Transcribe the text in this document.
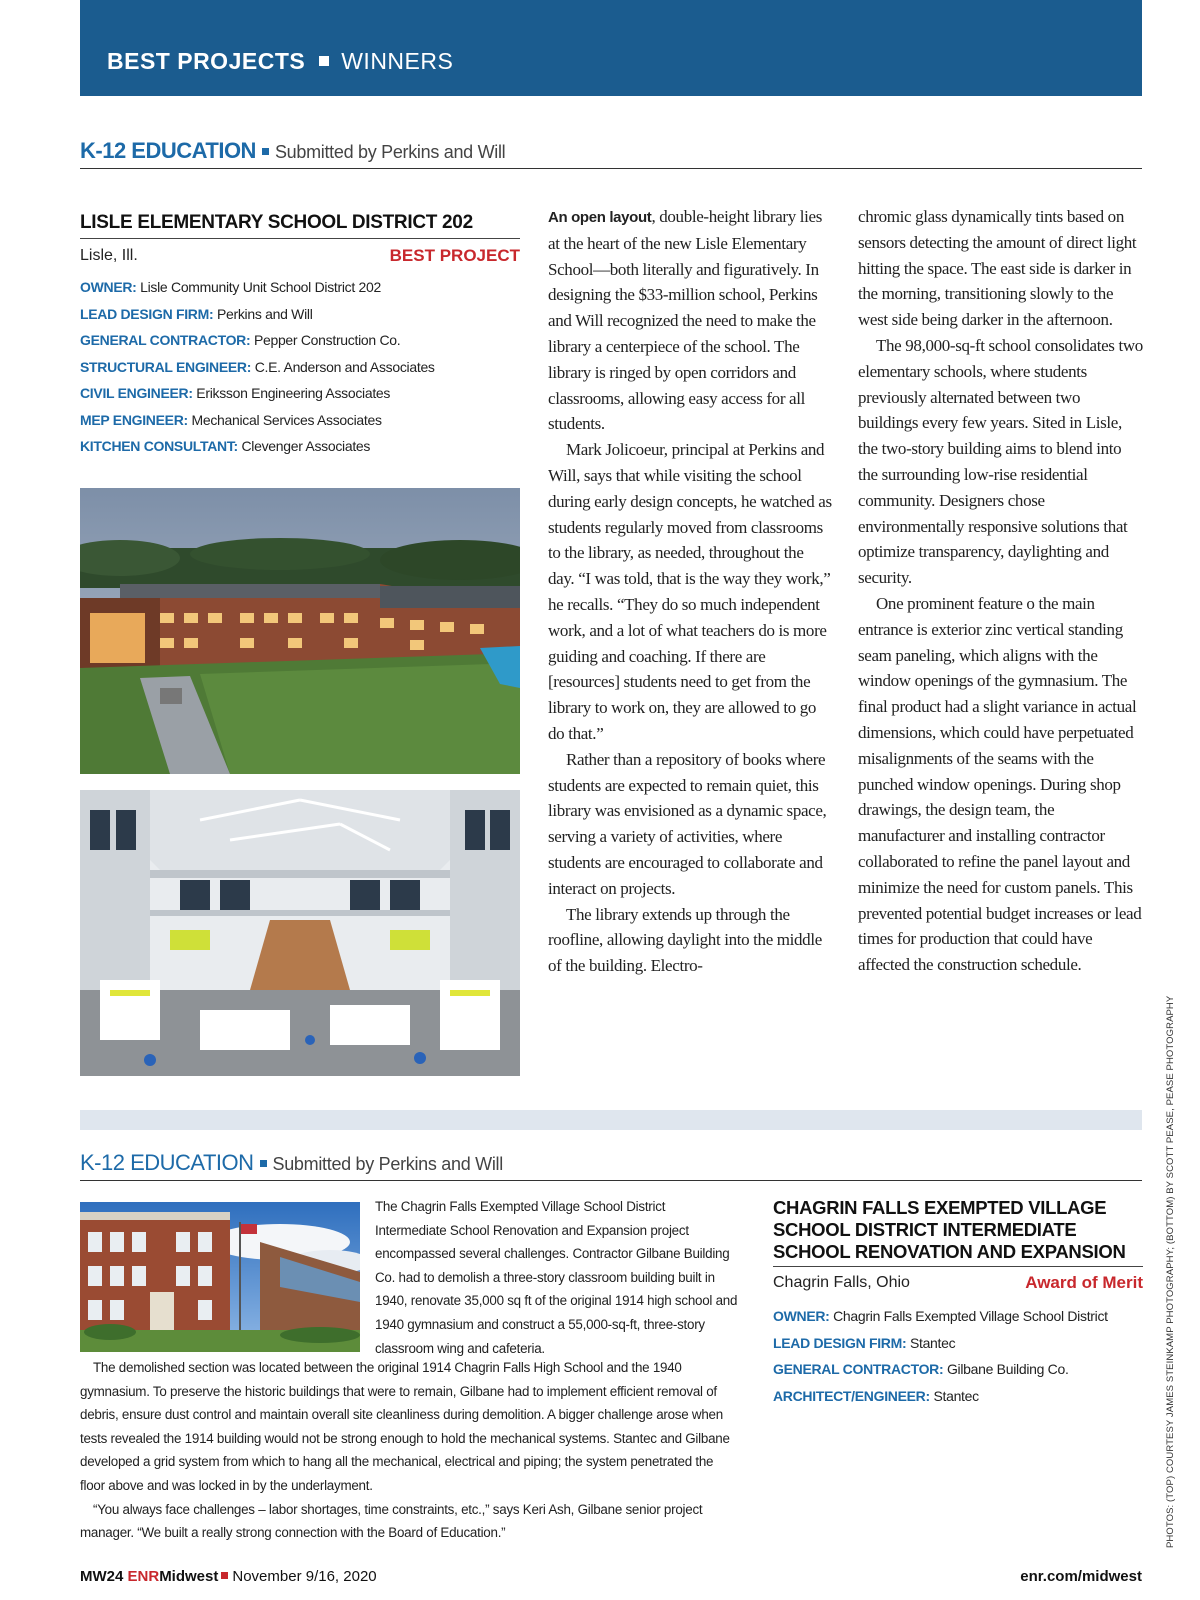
BEST PROJECTS WINNERS
K-12 EDUCATION Submitted by Perkins and Will
LISLE ELEMENTARY SCHOOL DISTRICT 202
Lisle, Ill.	BEST PROJECT
OWNER: Lisle Community Unit School District 202
LEAD DESIGN FIRM: Perkins and Will
GENERAL CONTRACTOR: Pepper Construction Co.
STRUCTURAL ENGINEER: C.E. Anderson and Associates
CIVIL ENGINEER: Eriksson Engineering Associates
MEP ENGINEER: Mechanical Services Associates
KITCHEN CONSULTANT: Clevenger Associates

An open layout, double-height library lies at the heart of the new Lisle Elementary School—both literally and figuratively. In designing the $33-million school, Perkins and Will recognized the need to make the library a centerpiece of the school. The library is ringed by open corridors and classrooms, allowing easy access for all students.

Mark Jolicoeur, principal at Perkins and Will, says that while visiting the school during early design concepts, he watched as students regularly moved from classrooms to the library, as needed, throughout the day. “I was told, that is the way they work,” he recalls. “They do so much independent work, and a lot of what teachers do is more guiding and coaching. If there are [resources] students need to get from the library to work on, they are allowed to go do that.”

Rather than a repository of books where students are expected to remain quiet, this library was envisioned as a dynamic space, serving a variety of activities, where students are encouraged to collaborate and interact on projects.

The library extends up through the roofline, allowing daylight into the middle of the building. Electro-

chromic glass dynamically tints based on sensors detecting the amount of direct light hitting the space. The east side is darker in the morning, transitioning slowly to the west side being darker in the afternoon.

The 98,000-sq-ft school consolidates two elementary schools, where students previously alternated between two buildings every few years. Sited in Lisle, the two-story building aims to blend into the surrounding low-rise residential community. Designers chose environmentally responsive solutions that optimize transparency, daylighting and security.

One prominent feature o the main entrance is exterior zinc vertical standing seam paneling, which aligns with the window openings of the gymnasium. The final product had a slight variance in actual dimensions, which could have perpetuated misalignments of the seams with the punched window openings. During shop drawings, the design team, the manufacturer and installing contractor collaborated to refine the panel layout and minimize the need for custom panels. This prevented potential budget increases or lead times for production that could have affected the construction schedule.

K-12 EDUCATION Submitted by Perkins and Will

The Chagrin Falls Exempted Village School District Intermediate School Renovation and Expansion project encompassed several challenges. Contractor Gilbane Building Co. had to demolish a three-story classroom building built in 1940, renovate 35,000 sq ft of the original 1914 high school and 1940 gymnasium and construct a 55,000-sq-ft, three-story classroom wing and cafeteria.

The demolished section was located between the original 1914 Chagrin Falls High School and the 1940 gymnasium. To preserve the historic buildings that were to remain, Gilbane had to implement efficient removal of debris, ensure dust control and maintain overall site cleanliness during demolition. A bigger challenge arose when tests revealed the 1914 building would not be strong enough to hold the mechanical systems. Stantec and Gilbane developed a grid system from which to hang all the mechanical, electrical and piping; the system penetrated the floor above and was locked in by the underlayment.

“You always face challenges – labor shortages, time constraints, etc.,” says Keri Ash, Gilbane senior project manager. “We built a really strong connection with the Board of Education.”

CHAGRIN FALLS EXEMPTED VILLAGE SCHOOL DISTRICT INTERMEDIATE SCHOOL RENOVATION AND EXPANSION
Chagrin Falls, Ohio	Award of Merit
OWNER: Chagrin Falls Exempted Village School District
LEAD DESIGN FIRM: Stantec
GENERAL CONTRACTOR: Gilbane Building Co.
ARCHITECT/ENGINEER: Stantec	PHOTOS: (TOP) COURTESY JAMES STEINKAMP PHOTOGRAPHY; (BOTTOM) BY SCOTT PEASE, PEASE PHOTOGRAPHY
MW24 ENRMidwest November 9/16, 2020	enr.com/midwest
